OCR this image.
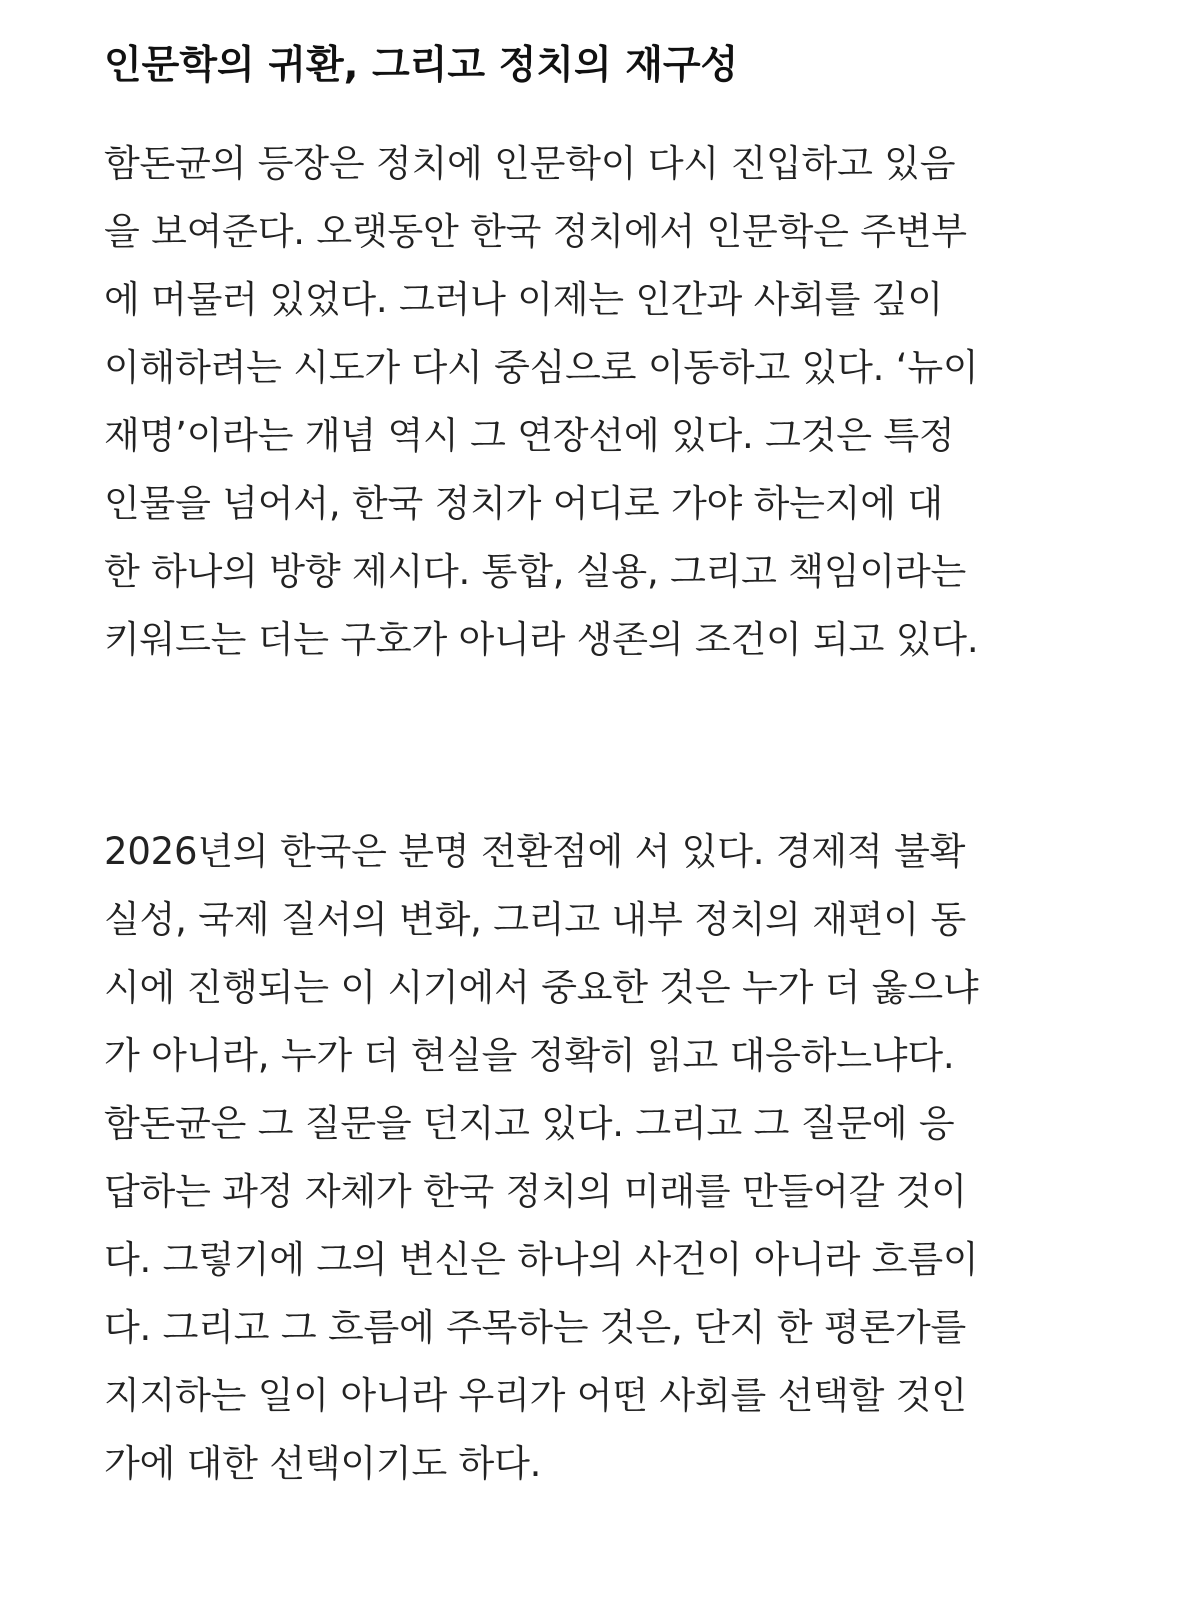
인문학의 귀환, 그리고 정치의 재구성
함돈균의 등장은 정치에 인문학이 다시 진입하고 있음
을 보여준다. 오랫동안 한국 정치에서 인문학은 주변부
에 머물러 있었다. 그러나 이제는 인간과 사회를 깊이
이해하려는 시도가 다시 중심으로 이동하고 있다. ‘뉴이
재명’이라는 개념 역시 그 연장선에 있다. 그것은 특정
인물을 넘어서, 한국 정치가 어디로 가야 하는지에 대
한 하나의 방향 제시다. 통합, 실용, 그리고 책임이라는
키워드는 더는 구호가 아니라 생존의 조건이 되고 있다.
2026년의 한국은 분명 전환점에 서 있다. 경제적 불확
실성, 국제 질서의 변화, 그리고 내부 정치의 재편이 동
시에 진행되는 이 시기에서 중요한 것은 누가 더 옳으냐
가 아니라, 누가 더 현실을 정확히 읽고 대응하느냐다.
함돈균은 그 질문을 던지고 있다. 그리고 그 질문에 응
답하는 과정 자체가 한국 정치의 미래를 만들어갈 것이
다. 그렇기에 그의 변신은 하나의 사건이 아니라 흐름이
다. 그리고 그 흐름에 주목하는 것은, 단지 한 평론가를
지지하는 일이 아니라 우리가 어떤 사회를 선택할 것인
가에 대한 선택이기도 하다.
